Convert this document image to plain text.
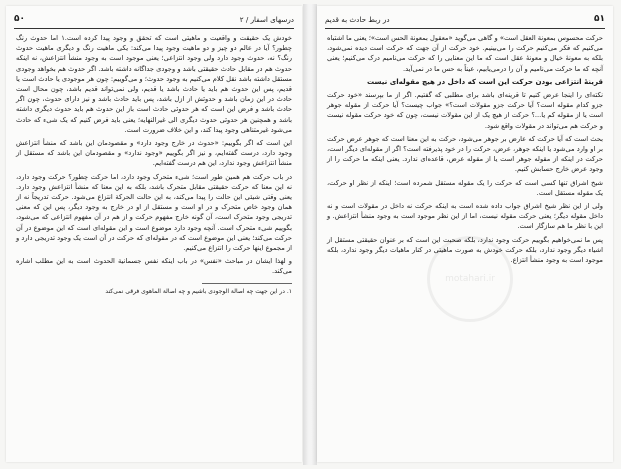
درسهای اسفار / ۲
۵۰

خودش یک حقیقت و واقعیت و ماهیتی است که تحقق و وجود پیدا کرده است.۱ اما حدوث رنگ چطور؟ آیا در عالم دو چیز و دو ماهیت وجود پیدا می‌کند: یکی ماهیت رنگ و دیگری ماهیت حدوث رنگ؟ نه، حدوث وجود دارد ولی وجود انتزاعی؛ یعنی موجود است به وجود منشأ انتزاعش، نه اینکه حدوث هم در مقابل حادث حقیقتی باشد و وجودی جداگانه داشته باشد. اگر حدوث هم بخواهد وجودی مستقل داشته باشد نقل کلام می‌کنیم به وجود حدوث؛ و می‌گوییم: چون هر موجودی یا حادث است یا قدیم، پس این حدوث هم باید یا حادث باشد یا قدیم، ولی نمی‌تواند قدیم باشد، چون محال است حادث در این زمان باشد و حدوثش از ازل باشد، پس باید حادث باشد و نیز دارای حدوث، چون اگر حادث باشد و فرض این است که هر حدوثی حادث است باز این حدوث هم باید حدوث دیگری داشته باشد و همچنین هر حدوثی حدوث دیگری الی غیرالنهایه؛ یعنی باید فرض کنیم که یک شیء که حادث می‌شود غیرمتناهی وجود پیدا کند، و این خلاف ضرورت است.

این است که اگر بگوییم: «حدوث در خارج وجود دارد» و مقصودمان این باشد که منشأ انتزاعش وجود دارد، درست گفته‌ایم، و نیز اگر بگوییم «وجود ندارد» و مقصودمان این باشد که مستقل از منشأ انتزاعش وجود ندارد، این هم درست گفته‌ایم.

در باب حرکت هم همین طور است؛ شیء متحرک وجود دارد، اما حرکت چطور؟ حرکت وجود دارد، نه این معنا که حرکت حقیقتی مقابل متحرک باشد، بلکه به این معنا که منشأ انتزاعش وجود دارد. یعنی وقتی شیئی این حالت را پیدا می‌کند، به این حالت الحرکة انتزاع می‌شود. حرکت تدریجاً نه از همان وجود خاص متحرک و در او است و مستقل از او در خارج به وجود دیگر، پس این که معنی تدریجی وجود متحرک است، آن گونه خارج مفهوم حرکت و از هم در آن مفهوم انتزاعی که می‌شود، بگوییم شیء متحرک است. آنچه وجود دارد موضوع است و این مقوله‌ای است که این موضوع در آن حرکت می‌کند؛ یعنی این موضوع است که در مقوله‌ای که حرکت در آن است یک وجود تدریجی دارد و از مجموع اینها حرکت را انتزاع می‌کنیم.

و لهذا ایشان در مباحث «نفس» در باب اینکه نفس جسمانیة الحدوث است به این مطلب اشاره می‌کند.

۱. در این جهت چه اصالة الوجودی باشیم و چه اصالة الماهوی فرقی نمی‌کند

۵۱
در ربط حادث به قدیم

حرکت محسوس بمعونة العقل است» و گاهی می‌گوید «معقول بمعونة الحس است»؛ یعنی ما اشتباه می‌کنیم که فکر می‌کنیم حرکت را می‌بینیم. خود حرکت از آن جهت که حرکت است دیده نمی‌شود، بلکه به معونهٔ خیال و معونهٔ عقل است که ما این معنایی را که حرکت می‌نامیم درک می‌کنیم؛ یعنی آنچه که ما حرکت می‌نامیم و آن را درمی‌یابیم، عیناً به حس ما در نمی‌آید.

قرینهٔ انتزاعی بودن حرکت این است که داخل در هیچ مقوله‌ای نیست

نکته‌ای را اینجا عرض کنیم تا قرینه‌ای باشد برای مطلبی که گفتیم. اگر از ما بپرسند «خود حرکت جزو کدام مقوله است؟ آیا حرکت جزو مقولات است؟» جواب چیست؟ آیا حرکت از مقوله جوهر است یا از مقوله کم یا...؟ حرکت از هیچ یک از این مقولات نیست، چون که خود حرکت مقوله نیست و حرکت هم می‌تواند در مقولات واقع شود.

بحث است که آیا حرکت که عارض بر جوهر می‌شود، حرکت به این معنا است که جوهر عرض حرکت بر او وارد می‌شود یا اینکه جوهر، عرض، حرکت را در خود پذیرفته است؟ اگر از مقوله‌ای دیگر است، حرکت در اینکه از مقوله جوهر است یا از مقوله عرض، قاعده‌ای ندارد. یعنی اینکه ما حرکت را از وجود عرض خارج حسابش کنیم.

شیخ اشراق تنها کسی است که حرکت را یک مقوله مستقل شمرده است؛ اینکه از نظر او حرکت، یک مقوله مستقل است.

ولی از این نظر شیخ اشراق جواب داده شده است به اینکه حرکت نه داخل در مقولات است و نه داخل مقوله دیگر؛ یعنی حرکت مقوله نیست، اما از این نظر موجود است به وجود منشأ انتزاعش. و این با نظر ما هم سازگار است.

پس ما نمی‌خواهیم بگوییم حرکت وجود ندارد، بلکه صحبت این است که بر عنوان حقیقتی مستقل از اشیاء دیگر وجود ندارد، بلکه حرکت خودش به صورت ماهیتی در کنار ماهیات دیگر وجود ندارد، بلکه موجود است به وجود منشأ انتزاع.

motahari.ir
